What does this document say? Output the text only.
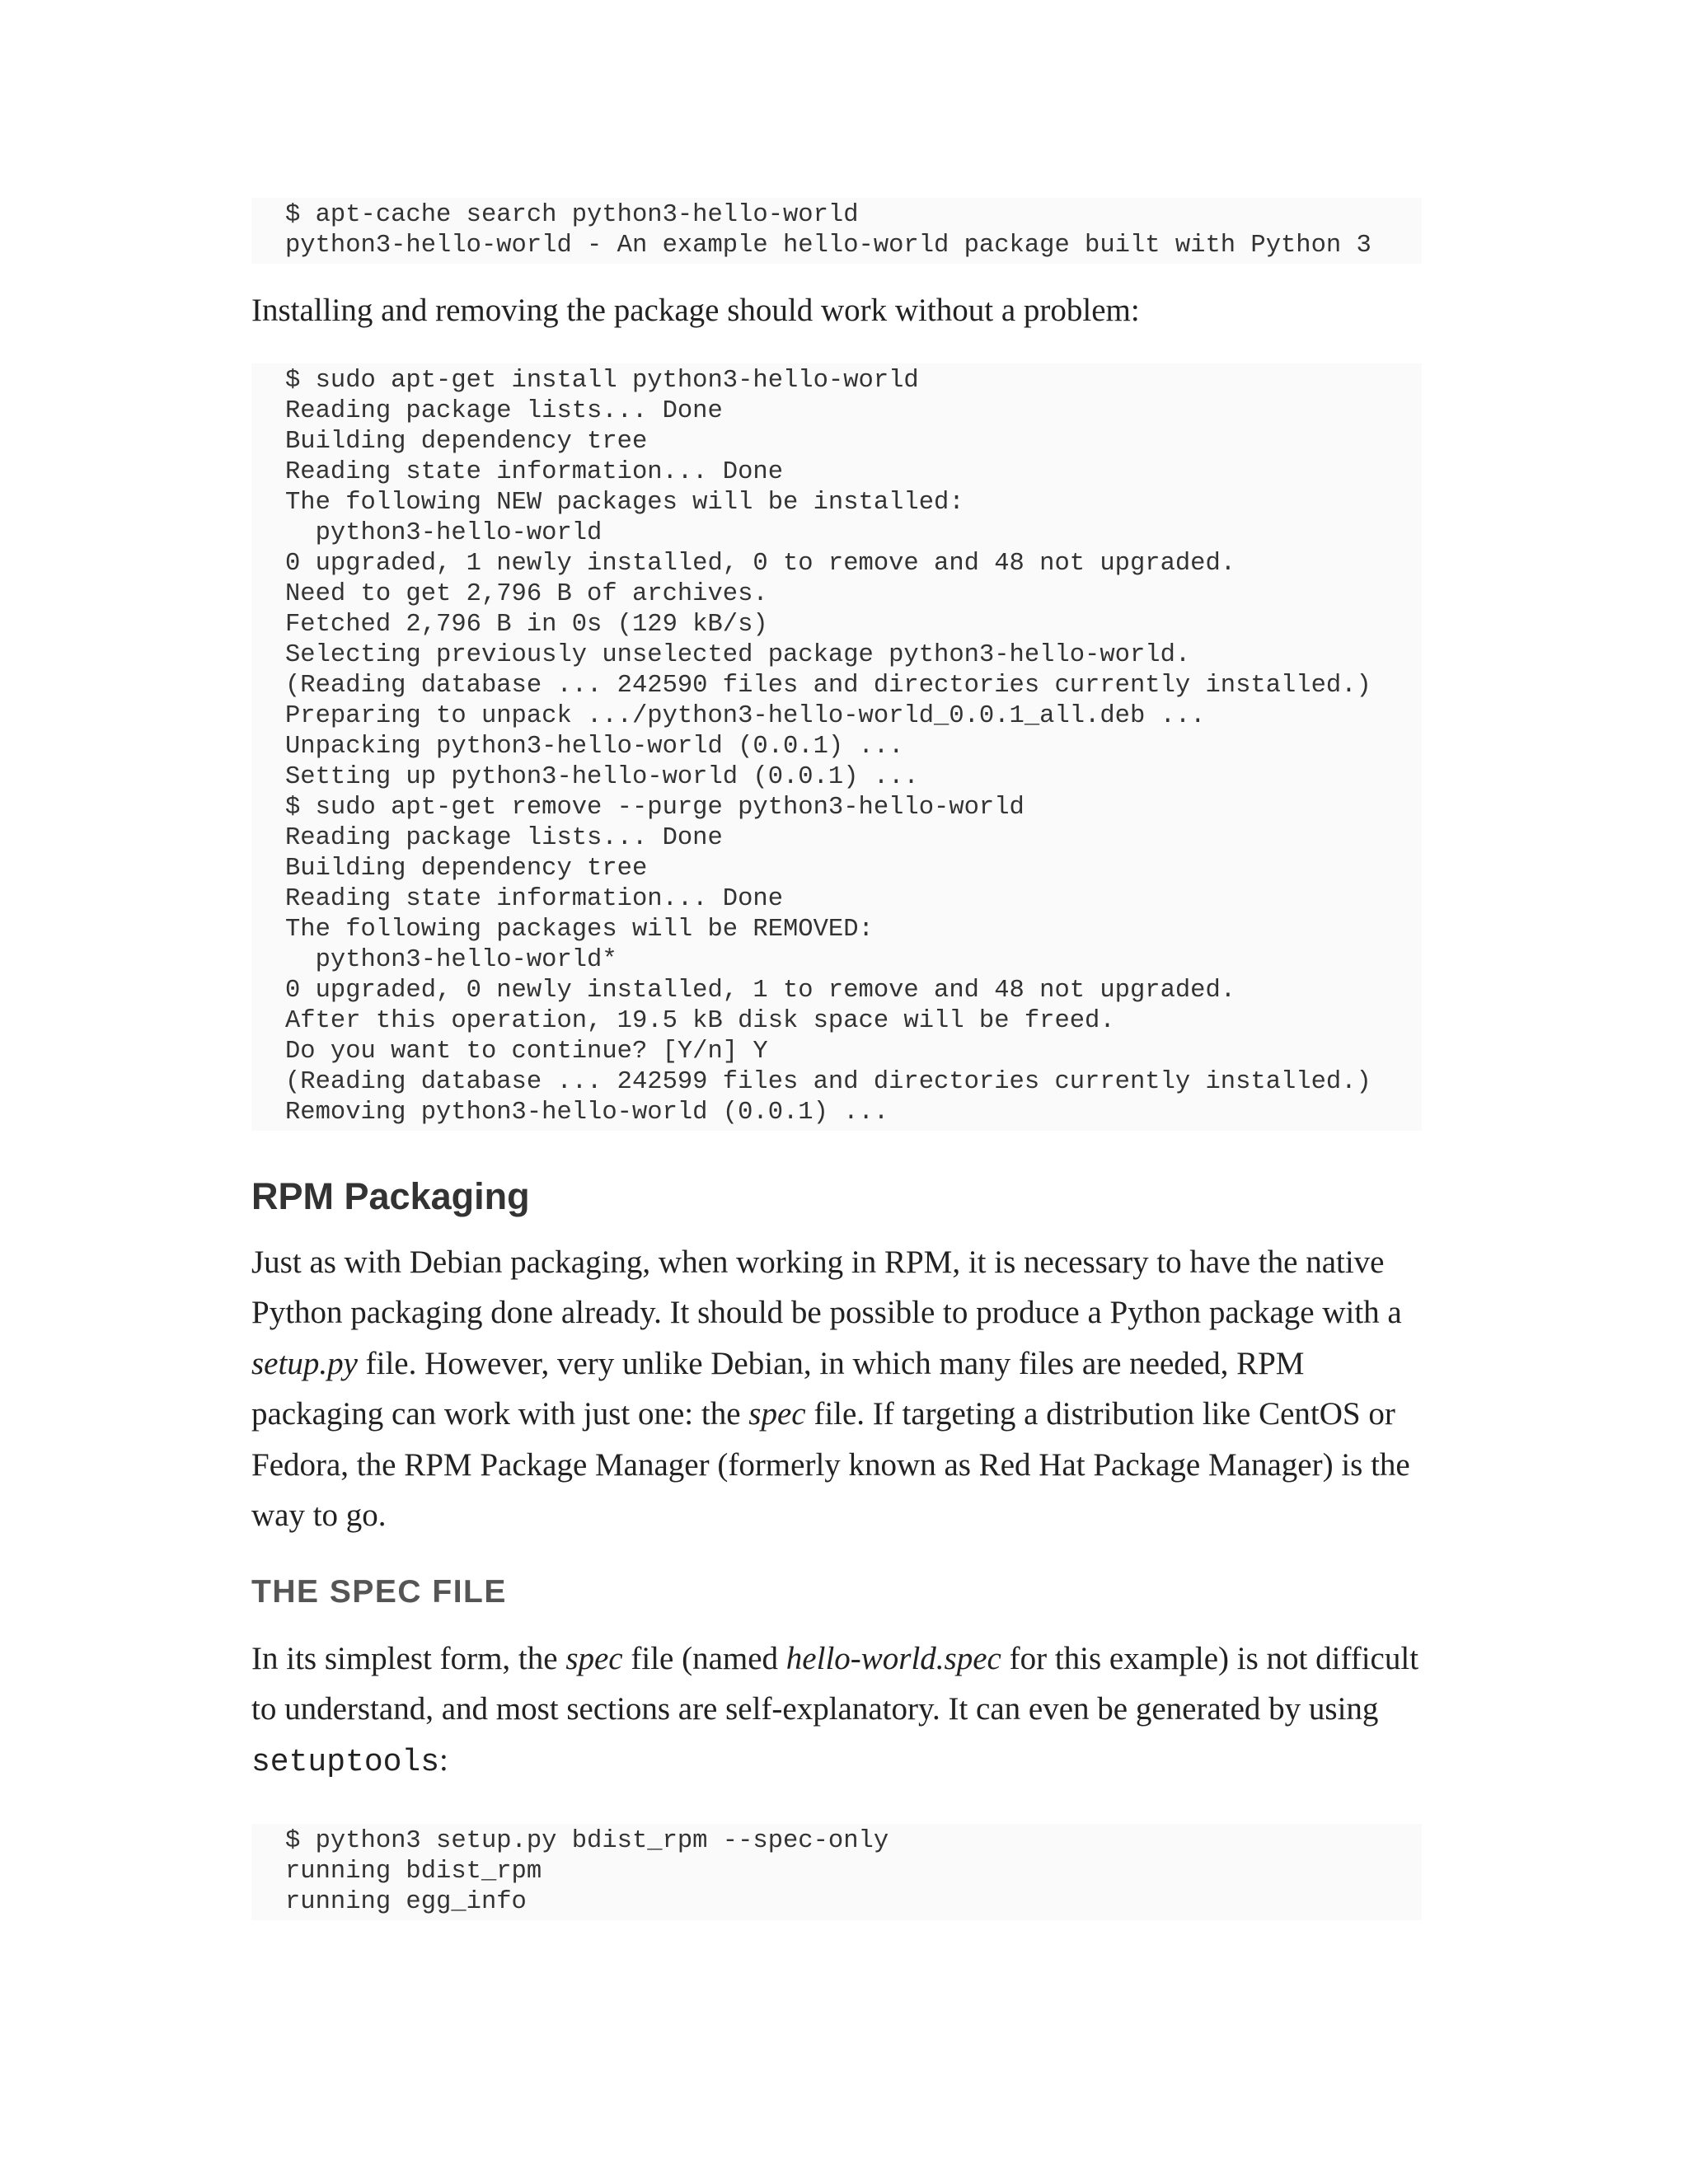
$ apt-cache search python3-hello-world
python3-hello-world - An example hello-world package built with Python 3

Installing and removing the package should work without a problem:

$ sudo apt-get install python3-hello-world
Reading package lists... Done
Building dependency tree
Reading state information... Done
The following NEW packages will be installed:
python3-hello-world
0 upgraded, 1 newly installed, 0 to remove and 48 not upgraded.
Need to get 2,796 B of archives.
Fetched 2,796 B in 0s (129 kB/s)
Selecting previously unselected package python3-hello-world.
(Reading database ... 242590 files and directories currently installed.)
Preparing to unpack .../python3-hello-world_0.0.1_all.deb ...
Unpacking python3-hello-world (0.0.1) ...
Setting up python3-hello-world (0.0.1) ...
$ sudo apt-get remove --purge python3-hello-world
Reading package lists... Done
Building dependency tree
Reading state information... Done
The following packages will be REMOVED:
python3-hello-world*
0 upgraded, 0 newly installed, 1 to remove and 48 not upgraded.
After this operation, 19.5 kB disk space will be freed.
Do you want to continue? [Y/n] Y
(Reading database ... 242599 files and directories currently installed.)
Removing python3-hello-world (0.0.1) ...
RPM Packaging

Just as with Debian packaging, when working in RPM, it is necessary to have the native Python packaging done already. It should be possible to produce a Python package with a setup.py file. However, very unlike Debian, in which many files are needed, RPM packaging can work with just one: the spec file. If targeting a distribution like CentOS or Fedora, the RPM Package Manager (formerly known as Red Hat Package Manager) is the way to go.

THE SPEC FILE

In its simplest form, the spec file (named hello-world.spec for this example) is not difficult to understand, and most sections are self-explanatory. It can even be generated by using setuptools:

$ python3 setup.py bdist_rpm --spec-only
running bdist_rpm
running egg_info
